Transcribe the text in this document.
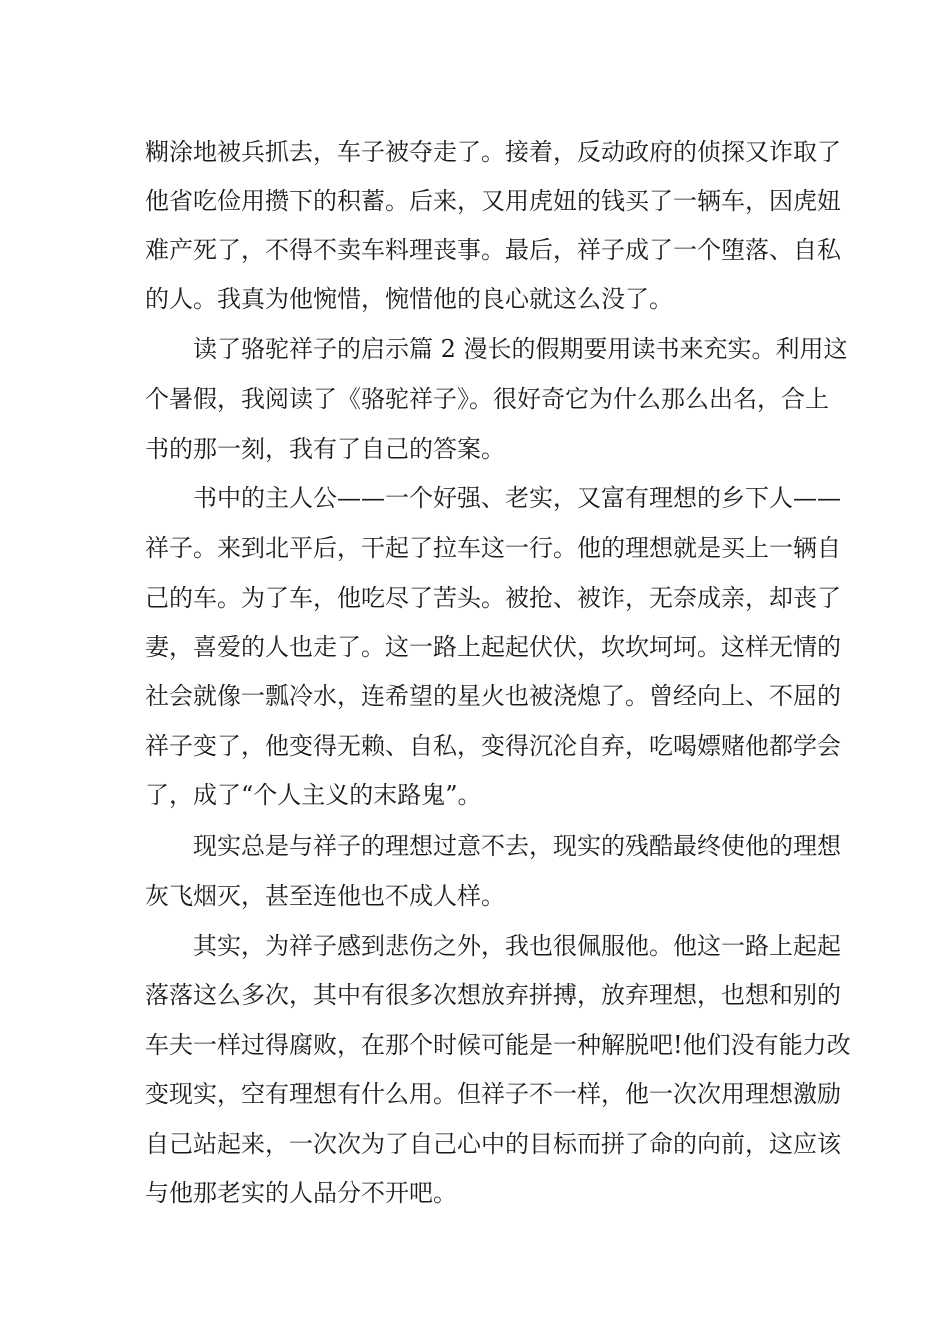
糊涂地被兵抓去，车子被夺走了。接着，反动政府的侦探又诈取了
他省吃俭用攒下的积蓄。后来，又用虎妞的钱买了一辆车，因虎妞
难产死了，不得不卖车料理丧事。最后，祥子成了一个堕落、自私
的人。我真为他惋惜，惋惜他的良心就这么没了。
读了骆驼祥子的启示篇 2 漫长的假期要用读书来充实。利用这
个暑假，我阅读了《骆驼祥子》。很好奇它为什么那么出名，合上
书的那一刻，我有了自己的答案。
书中的主人公——一个好强、老实，又富有理想的乡下人——
祥子。来到北平后，干起了拉车这一行。他的理想就是买上一辆自
己的车。为了车，他吃尽了苦头。被抢、被诈，无奈成亲，却丧了
妻，喜爱的人也走了。这一路上起起伏伏，坎坎坷坷。这样无情的
社会就像一瓢冷水，连希望的星火也被浇熄了。曾经向上、不屈的
祥子变了，他变得无赖、自私，变得沉沦自弃，吃喝嫖赌他都学会
了，成了“个人主义的末路鬼”。
现实总是与祥子的理想过意不去，现实的残酷最终使他的理想
灰飞烟灭，甚至连他也不成人样。
其实，为祥子感到悲伤之外，我也很佩服他。他这一路上起起
落落这么多次，其中有很多次想放弃拼搏，放弃理想，也想和别的
车夫一样过得腐败，在那个时候可能是一种解脱吧!他们没有能力改
变现实，空有理想有什么用。但祥子不一样，他一次次用理想激励
自己站起来，一次次为了自己心中的目标而拼了命的向前，这应该
与他那老实的人品分不开吧。
